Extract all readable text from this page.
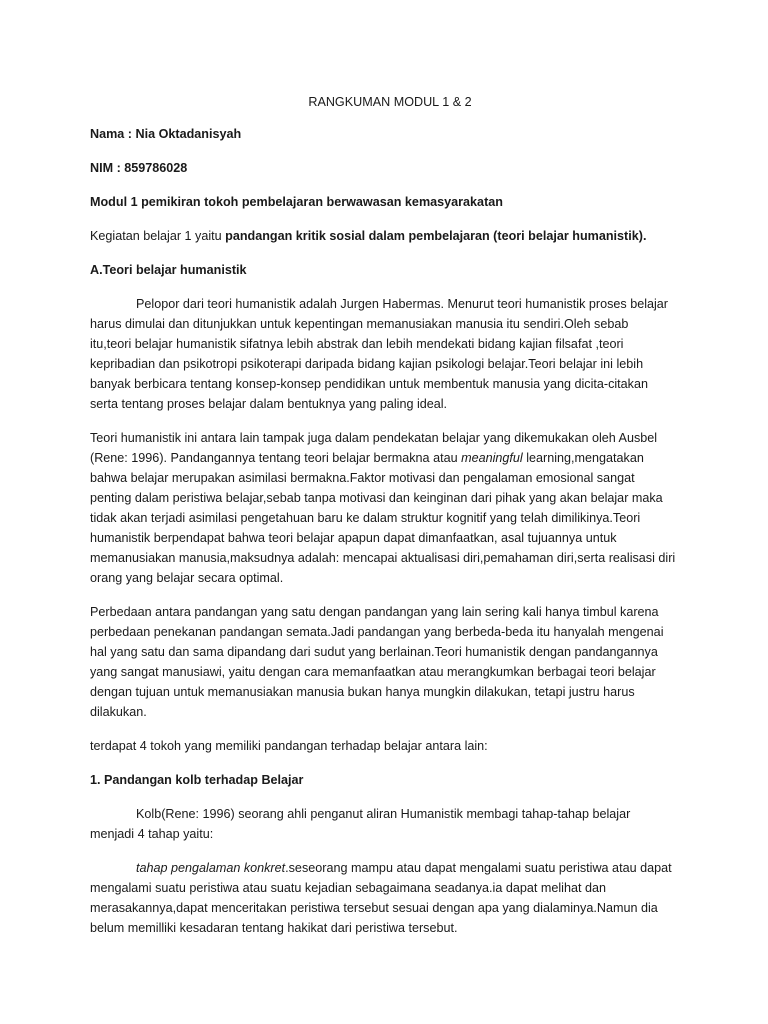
RANGKUMAN MODUL 1 & 2

Nama : Nia Oktadanisyah

NIM : 859786028

Modul 1 pemikiran tokoh pembelajaran berwawasan kemasyarakatan

Kegiatan belajar 1 yaitu pandangan kritik sosial dalam pembelajaran (teori belajar humanistik).

A.Teori belajar humanistik

Pelopor dari teori humanistik adalah Jurgen Habermas. Menurut teori humanistik proses belajar
harus dimulai dan ditunjukkan untuk kepentingan memanusiakan manusia itu sendiri.Oleh sebab
itu,teori belajar humanistik sifatnya lebih abstrak dan lebih mendekati bidang kajian filsafat ,teori
kepribadian dan psikotropi psikoterapi daripada bidang kajian psikologi belajar.Teori belajar ini lebih
banyak berbicara tentang konsep-konsep pendidikan untuk membentuk manusia yang dicita-citakan
serta tentang proses belajar dalam bentuknya yang paling ideal.

Teori humanistik ini antara lain tampak juga dalam pendekatan belajar yang dikemukakan oleh Ausbel
(Rene: 1996). Pandangannya tentang teori belajar bermakna atau meaningful learning,mengatakan
bahwa belajar merupakan asimilasi bermakna.Faktor motivasi dan pengalaman emosional sangat
penting dalam peristiwa belajar,sebab tanpa motivasi dan keinginan dari pihak yang akan belajar maka
tidak akan terjadi asimilasi pengetahuan baru ke dalam struktur kognitif yang telah dimilikinya.Teori
humanistik berpendapat bahwa teori belajar apapun dapat dimanfaatkan, asal tujuannya untuk
memanusiakan manusia,maksudnya adalah: mencapai aktualisasi diri,pemahaman diri,serta realisasi diri
orang yang belajar secara optimal.

Perbedaan antara pandangan yang satu dengan pandangan yang lain sering kali hanya timbul karena
perbedaan penekanan pandangan semata.Jadi pandangan yang berbeda-beda itu hanyalah mengenai
hal yang satu dan sama dipandang dari sudut yang berlainan.Teori humanistik dengan pandangannya
yang sangat manusiawi, yaitu dengan cara memanfaatkan atau merangkumkan berbagai teori belajar
dengan tujuan untuk memanusiakan manusia bukan hanya mungkin dilakukan, tetapi justru harus
dilakukan.

terdapat 4 tokoh yang memiliki pandangan terhadap belajar antara lain:

1. Pandangan kolb terhadap Belajar

Kolb(Rene: 1996) seorang ahli penganut aliran Humanistik membagi tahap-tahap belajar
menjadi 4 tahap yaitu:

tahap pengalaman konkret.seseorang mampu atau dapat mengalami suatu peristiwa atau dapat
mengalami suatu peristiwa atau suatu kejadian sebagaimana seadanya.ia dapat melihat dan
merasakannya,dapat menceritakan peristiwa tersebut sesuai dengan apa yang dialaminya.Namun dia
belum memilliki kesadaran tentang hakikat dari peristiwa tersebut.
